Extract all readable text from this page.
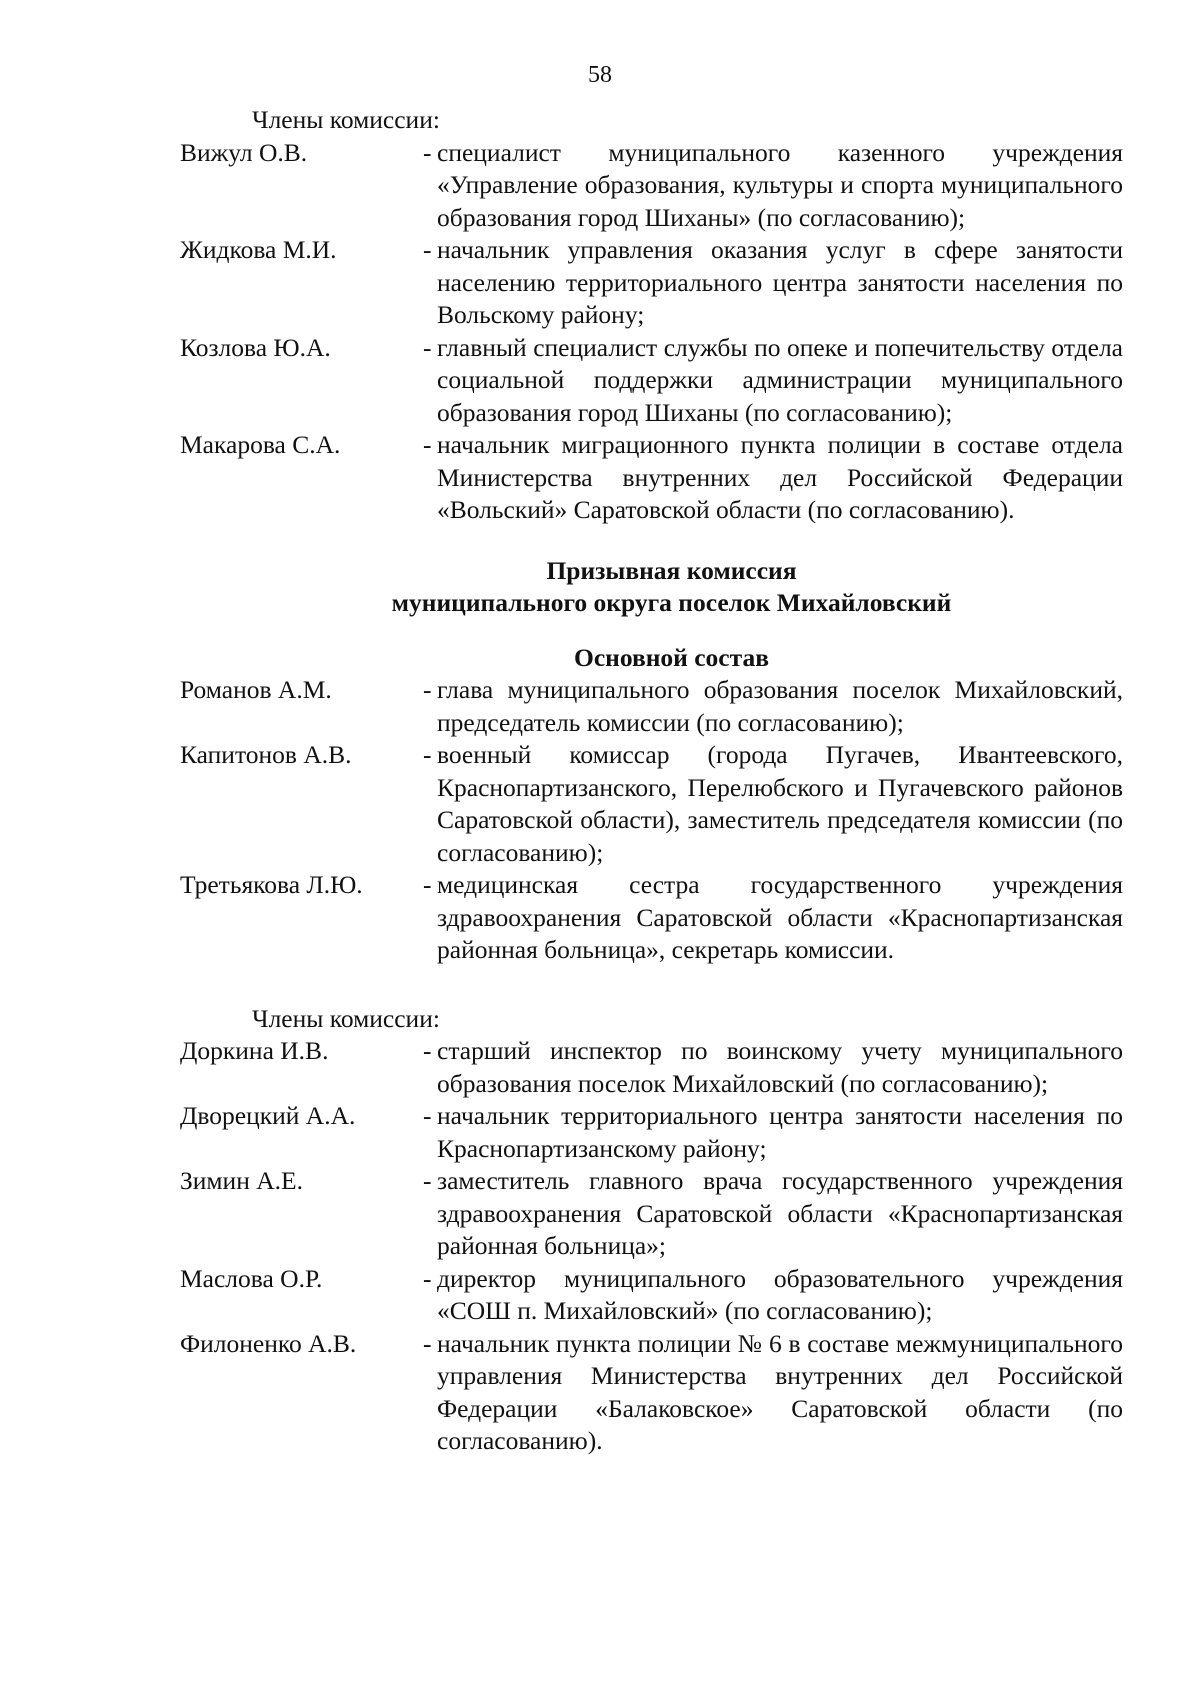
58
Члены комиссии:
Вижул О.В.	- специалист муниципального казенного учреждения «Управление образования, культуры и спорта муниципального образования город Шиханы» (по согласованию);
Жидкова М.И.	- начальник управления оказания услуг в сфере занятости населению территориального центра занятости населения по Вольскому району;
Козлова Ю.А.	- главный специалист службы по опеке и попечительству отдела социальной поддержки администрации муниципального образования город Шиханы (по согласованию);
Макарова С.А.	- начальник миграционного пункта полиции в составе отдела Министерства внутренних дел Российской Федерации «Вольский» Саратовской области (по согласованию).
Призывная комиссия
муниципального округа поселок Михайловский
Основной состав
Романов А.М.	- глава муниципального образования поселок Михайловский, председатель комиссии (по согласованию);
Капитонов А.В.	- военный комиссар (города Пугачев, Ивантеевского, Краснопартизанского, Перелюбского и Пугачевского районов Саратовской области), заместитель председателя комиссии (по согласованию);
Третьякова Л.Ю.	- медицинская сестра государственного учреждения здравоохранения Саратовской области «Краснопартизанская районная больница», секретарь комиссии.
Члены комиссии:
Доркина И.В.	- старший инспектор по воинскому учету муниципального образования поселок Михайловский (по согласованию);
Дворецкий А.А.	- начальник территориального центра занятости населения по Краснопартизанскому району;
Зимин А.Е.	- заместитель главного врача государственного учреждения здравоохранения Саратовской области «Краснопартизанская районная больница»;
Маслова О.Р.	- директор муниципального образовательного учреждения «СОШ п. Михайловский» (по согласованию);
Филоненко А.В.	- начальник пункта полиции № 6 в составе межмуниципального управления Министерства внутренних дел Российской Федерации «Балаковское» Саратовской области (по согласованию).
